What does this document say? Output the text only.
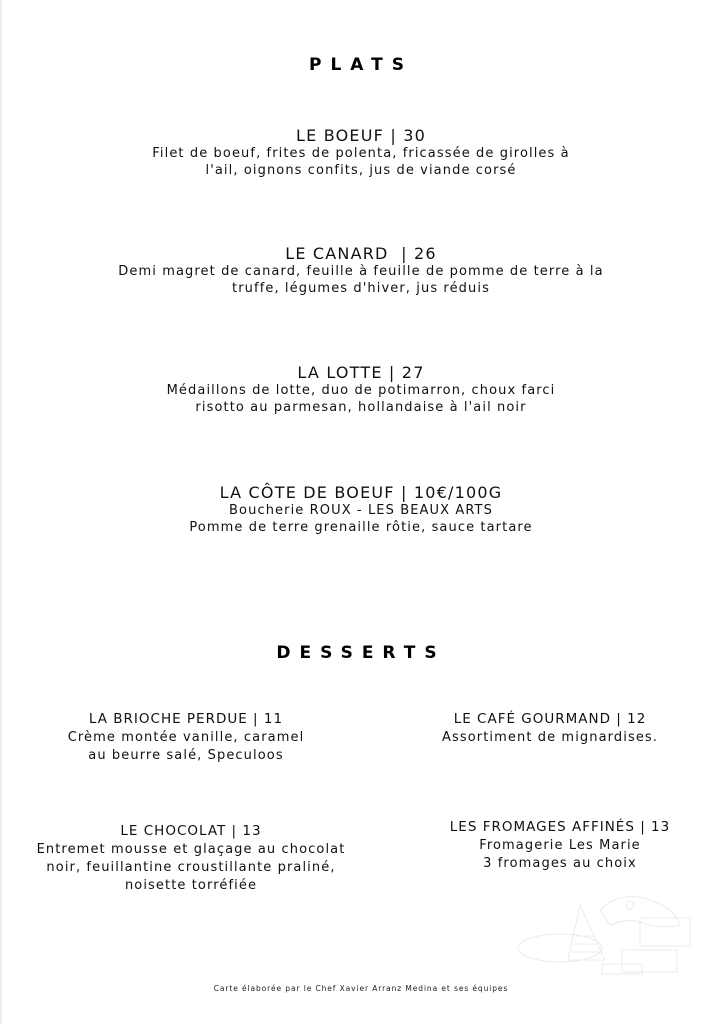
PLATS
LE BOEUF | 30
Filet de boeuf, frites de polenta, fricassée de girolles à
l'ail, oignons confits, jus de viande corsé
LE CANARD  | 26
Demi magret de canard, feuille à feuille de pomme de terre à la
truffe, légumes d'hiver, jus réduis
LA LOTTE | 27
Médaillons de lotte, duo de potimarron, choux farci
risotto au parmesan, hollandaise à l'ail noir
LA CÔTE DE BOEUF | 10€/100G
Boucherie ROUX - LES BEAUX ARTS
Pomme de terre grenaille rôtie, sauce tartare
DESSERTS
LA BRIOCHE PERDUE | 11
Crème montée vanille, caramel
au beurre salé, Speculoos
LE CAFÉ GOURMAND | 12
Assortiment de mignardises.
LE CHOCOLAT | 13
Entremet mousse et glaçage au chocolat
noir, feuillantine croustillante praliné,
noisette torréfiée
LES FROMAGES AFFINÉS | 13
Fromagerie Les Marie
3 fromages au choix
Carte élaborée par le Chef Xavier Arranz Medina et ses équipes
